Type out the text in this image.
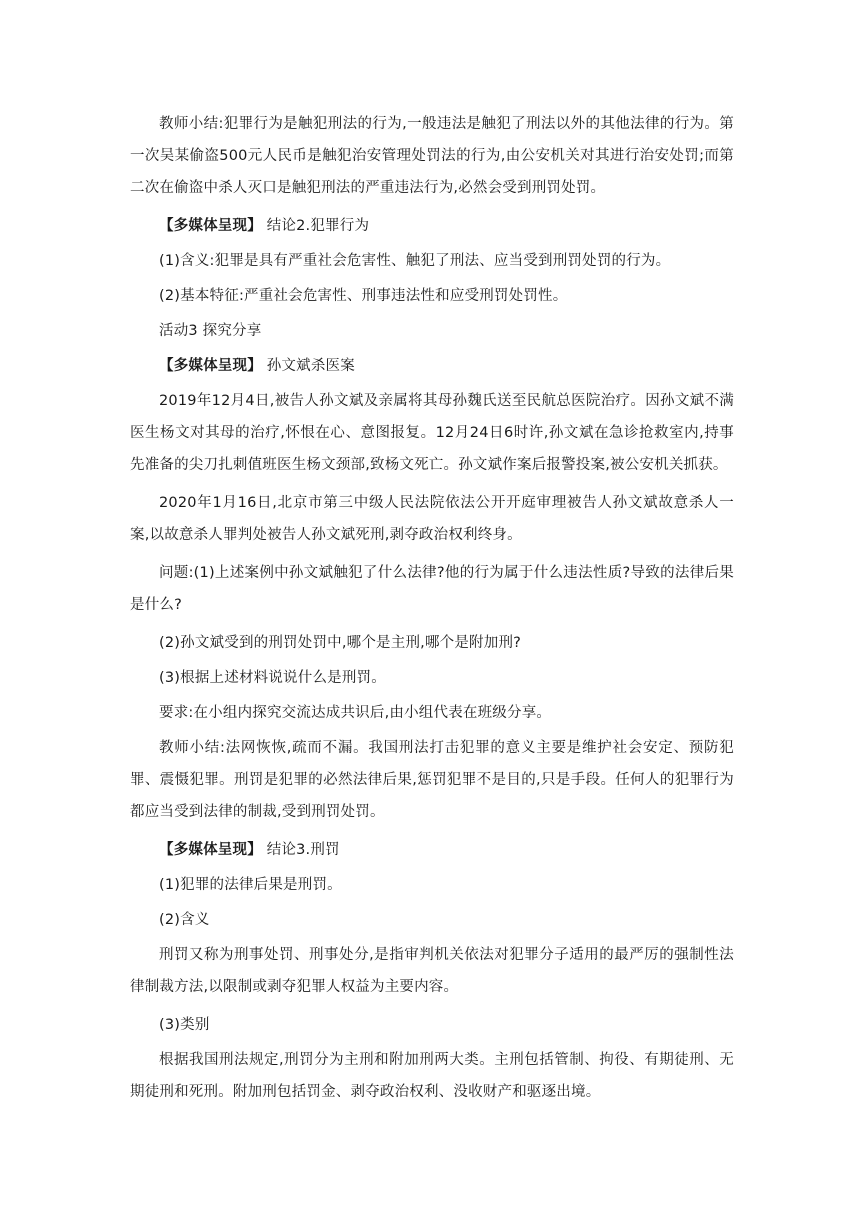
教师小结:犯罪行为是触犯刑法的行为,一般违法是触犯了刑法以外的其他法律的行为。第一次吴某偷盗500元人民币是触犯治安管理处罚法的行为,由公安机关对其进行治安处罚;而第二次在偷盗中杀人灭口是触犯刑法的严重违法行为,必然会受到刑罚处罚。

【多媒体呈现】 结论2.犯罪行为

(1)含义:犯罪是具有严重社会危害性、触犯了刑法、应当受到刑罚处罚的行为。

(2)基本特征:严重社会危害性、刑事违法性和应受刑罚处罚性。

活动3 探究分享

【多媒体呈现】 孙文斌杀医案

2019年12月4日,被告人孙文斌及亲属将其母孙魏氏送至民航总医院治疗。因孙文斌不满医生杨文对其母的治疗,怀恨在心、意图报复。12月24日6时许,孙文斌在急诊抢救室内,持事先准备的尖刀扎刺值班医生杨文颈部,致杨文死亡。孙文斌作案后报警投案,被公安机关抓获。

2020年1月16日,北京市第三中级人民法院依法公开开庭审理被告人孙文斌故意杀人一案,以故意杀人罪判处被告人孙文斌死刑,剥夺政治权利终身。

问题:(1)上述案例中孙文斌触犯了什么法律?他的行为属于什么违法性质?导致的法律后果是什么?

(2)孙文斌受到的刑罚处罚中,哪个是主刑,哪个是附加刑?

(3)根据上述材料说说什么是刑罚。

要求:在小组内探究交流达成共识后,由小组代表在班级分享。

教师小结:法网恢恢,疏而不漏。我国刑法打击犯罪的意义主要是维护社会安定、预防犯罪、震慑犯罪。刑罚是犯罪的必然法律后果,惩罚犯罪不是目的,只是手段。任何人的犯罪行为都应当受到法律的制裁,受到刑罚处罚。

【多媒体呈现】 结论3.刑罚

(1)犯罪的法律后果是刑罚。

(2)含义

刑罚又称为刑事处罚、刑事处分,是指审判机关依法对犯罪分子适用的最严厉的强制性法律制裁方法,以限制或剥夺犯罪人权益为主要内容。

(3)类别

根据我国刑法规定,刑罚分为主刑和附加刑两大类。主刑包括管制、拘役、有期徒刑、无期徒刑和死刑。附加刑包括罚金、剥夺政治权利、没收财产和驱逐出境。
